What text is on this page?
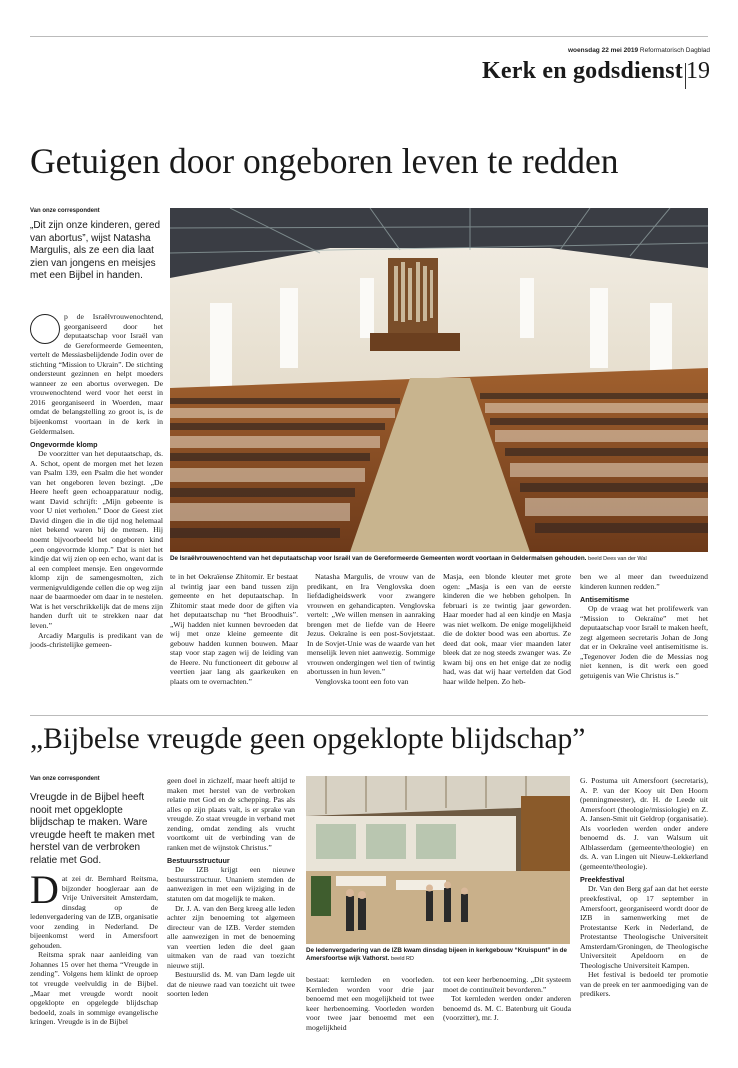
woensdag 22 mei 2019 Reformatorisch Dagblad
Kerk en godsdienst 19
Getuigen door ongeboren leven te redden
Van onze correspondent
„Dit zijn onze kinderen, gered van abortus”, wijst Natasha Margulis, als ze een dia laat zien van jongens en meisjes met een Bijbel in handen.

p de Israëlvrouwenochtend, georganiseerd door het deputaatschap voor Israël van de Gereformeerde Gemeenten, vertelt de Messiasbelijdende Jodin over de stichting “Mission to Ukrain”. De stichting ondersteunt gezinnen en helpt moeders wanneer ze een abortus overwegen. De vrouwenochtend werd voor het eerst in 2016 georganiseerd in Woerden, maar omdat de belangstelling zo groot is, is de bijeenkomst voortaan in de kerk in Geldermalsen.

Ongevormde klomp

De voorzitter van het deputaatschap, ds. A. Schot, opent de morgen met het lezen van Psalm 139, een Psalm die het wonder van het ongeboren leven bezingt. „De Heere heeft geen echoapparatuur nodig, want David schrijft: „Mijn gebeente is voor U niet verholen.” Door de Geest ziet David dingen die in die tijd nog helemaal niet bekend waren bij de mensen. Hij noemt bijvoorbeeld het ongeboren kind „een ongevormde klomp.” Dat is niet het kindje dat wij zien op een echo, want dat is al een compleet mensje. Een ongevormde klomp zijn de samengesmolten, zich vermenigvuldigende cellen die op weg zijn naar de baarmoeder om daar in te nestelen. Wat is het verschrikkelijk dat de mens zijn handen durft uit te strekken naar dat leven.”

Arcadiy Margulis is predikant van de joods-christelijke gemeen-

De Israëlvrouwenochtend van het deputaatschap voor Israël van de Gereformeerde Gemeenten wordt voortaan in Geldermalsen gehouden. beeld Dees van der Wal
te in het Oekraïense Zhitomir. Er bestaat al twintig jaar een band tussen zijn gemeente en het deputaatschap. In Zhitomir staat mede door de giften via het deputaatschap nu “het Broodhuis”. „Wij hadden niet kunnen bevroeden dat wij met onze kleine gemeente dit gebouw hadden kunnen bouwen. Maar stap voor stap zagen wij de leiding van de Heere. Nu functioneert dit gebouw al veertien jaar lang als gaarkeuken en plaats om te overnachten.”

Natasha Margulis, de vrouw van de predikant, en Ira Venglovska doen liefdadigheidswerk voor zwangere vrouwen en gehandicapten. Venglovska vertelt: „We willen mensen in aanraking brengen met de liefde van de Heere Jezus. Oekraïne is een post-Sovjetstaat. In de Sovjet-Unie was de waarde van het menselijk leven niet aanwezig. Sommige vrouwen ondergingen wel tien of twintig abortussen in hun leven.”

Venglovska toont een foto van

Masja, een blonde kleuter met grote ogen: „Masja is een van de eerste kinderen die we hebben geholpen. In februari is ze twintig jaar geworden. Haar moeder had al een kindje en Masja was niet welkom. De enige mogelijkheid die de dokter bood was een abortus. Ze deed dat ook, maar vier maanden later bleek dat ze nog steeds zwanger was. Ze kwam bij ons en het enige dat ze nodig had, was dat wij haar vertelden dat God haar wilde helpen. Zo heb-

ben we al meer dan tweeduizend kinderen kunnen redden.”

Antisemitisme

Op de vraag wat het prolifewerk van “Mission to Oekraïne” met het deputaatschap voor Israël te maken heeft, zegt algemeen secretaris Johan de Jong dat er in Oekraïne veel antisemitisme is. „Tegenover Joden die de Messias nog niet kennen, is dit werk een goed getuigenis van Wie Christus is.”

„Bijbelse vreugde geen opgeklopte blijdschap”
Van onze correspondent
Vreugde in de Bijbel heeft nooit met opgeklopte blijdschap te maken. Ware vreugde heeft te maken met herstel van de verbroken relatie met God.

Dat zei dr. Bernhard Reitsma, bijzonder hoogleraar aan de Vrije Universiteit Amsterdam, dinsdag op de ledenvergadering van de IZB, organisatie voor zending in Nederland. De bijeenkomst werd in Amersfoort gehouden.

Reitsma sprak naar aanleiding van Johannes 15 over het thema “Vreugde in zending”. Volgens hem klinkt de oproep tot vreugde veelvuldig in de Bijbel. „Maar met vreugde wordt nooit opgeklopte en opgelegde blijdschap bedoeld, zoals in sommige evangelische kringen. Vreugde is in de Bijbel

geen doel in zichzelf, maar heeft altijd te maken met herstel van de verbroken relatie met God en de schepping. Pas als alles op zijn plaats valt, is er sprake van vreugde. Zo staat vreugde in verband met zending, omdat zending als vrucht voortkomt uit de verbinding van de ranken met de wijnstok Christus.”

Bestuursstructuur

De IZB krijgt een nieuwe bestuursstructuur. Unaniem stemden de aanwezigen in met een wijziging in de statuten om dat mogelijk te maken.

Dr. J. A. van den Berg kreeg alle leden achter zijn benoeming tot algemeen directeur van de IZB. Verder stemden alle aanwezigen in met de benoeming van veertien leden die deel gaan uitmaken van de raad van toezicht nieuwe stijl.

Bestuurslid ds. M. van Dam legde uit dat de nieuwe raad van toezicht uit twee soorten leden

De ledenvergadering van de IZB kwam dinsdag bijeen in kerkgebouw “Kruispunt” in de Amersfoortse wijk Vathorst. beeld RD
bestaat: kernleden en voorleden. Kernleden worden voor drie jaar benoemd met een mogelijkheid tot twee keer herbenoeming. Voorleden worden voor twee jaar benoemd met een mogelijkheid

tot een keer herbenoeming. „Dit systeem moet de continuïteit bevorderen.”

Tot kernleden werden onder anderen benoemd ds. M. C. Batenburg uit Gouda (voorzitter), mr. J.

G. Postuma uit Amersfoort (secretaris), A. P. van der Kooy uit Den Hoorn (penningmeester), dr. H. de Leede uit Amersfoort (theologie/missiologie) en Z. A. Jansen-Smit uit Geldrop (organisatie). Als voorleden werden onder andere benoemd ds. J. van Walsum uit Alblasserdam (gemeente/theologie) en ds. A. van Lingen uit Nieuw-Lekkerland (gemeente/theologie).

Preekfestival

Dr. Van den Berg gaf aan dat het eerste preekfestival, op 17 september in Amersfoort, georganiseerd wordt door de IZB in samenwerking met de Protestantse Kerk in Nederland, de Protestantse Theologische Universiteit Amsterdam/Groningen, de Theologische Universiteit Apeldoorn en de Theologische Universiteit Kampen.

Het festival is bedoeld ter promotie van de preek en ter aanmoediging van de predikers.
